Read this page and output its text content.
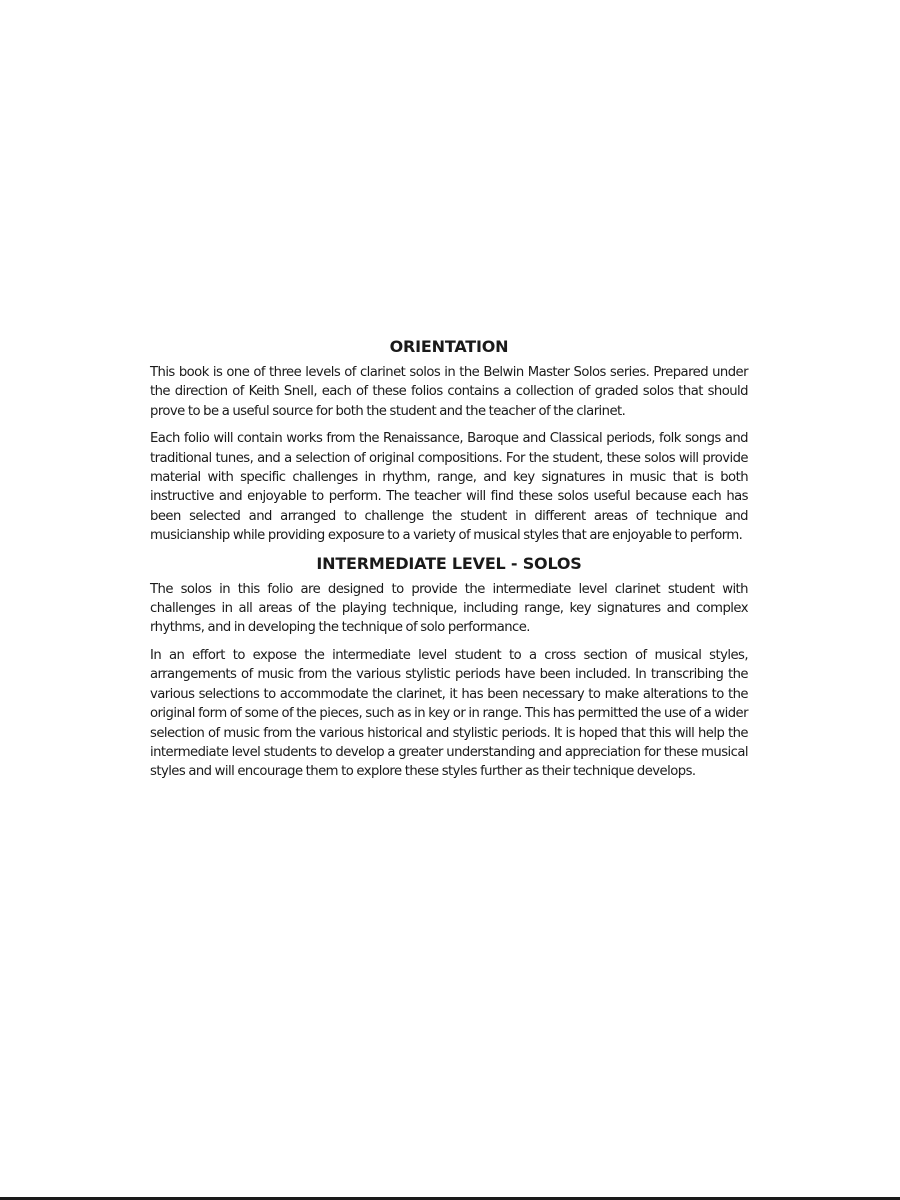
ORIENTATION

This book is one of three levels of clarinet solos in the Belwin Master Solos series. Prepared under the direction of Keith Snell, each of these folios contains a collection of graded solos that should prove to be a useful source for both the student and the teacher of the clarinet.

Each folio will contain works from the Renaissance, Baroque and Classical periods, folk songs and traditional tunes, and a selection of original compositions. For the student, these solos will provide material with specific challenges in rhythm, range, and key signatures in music that is both instructive and enjoyable to perform. The teacher will find these solos useful because each has been selected and arranged to challenge the student in different areas of technique and musicianship while providing exposure to a variety of musical styles that are enjoyable to perform.

INTERMEDIATE LEVEL - SOLOS

The solos in this folio are designed to provide the intermediate level clarinet student with challenges in all areas of the playing technique, including range, key signatures and complex rhythms, and in developing the technique of solo performance.

In an effort to expose the intermediate level student to a cross section of musical styles, arrangements of music from the various stylistic periods have been included. In transcribing the various selections to accommodate the clarinet, it has been necessary to make alterations to the original form of some of the pieces, such as in key or in range. This has permitted the use of a wider selection of music from the various historical and stylistic periods. It is hoped that this will help the intermediate level students to develop a greater understanding and appreciation for these musical styles and will encourage them to explore these styles further as their technique develops.
